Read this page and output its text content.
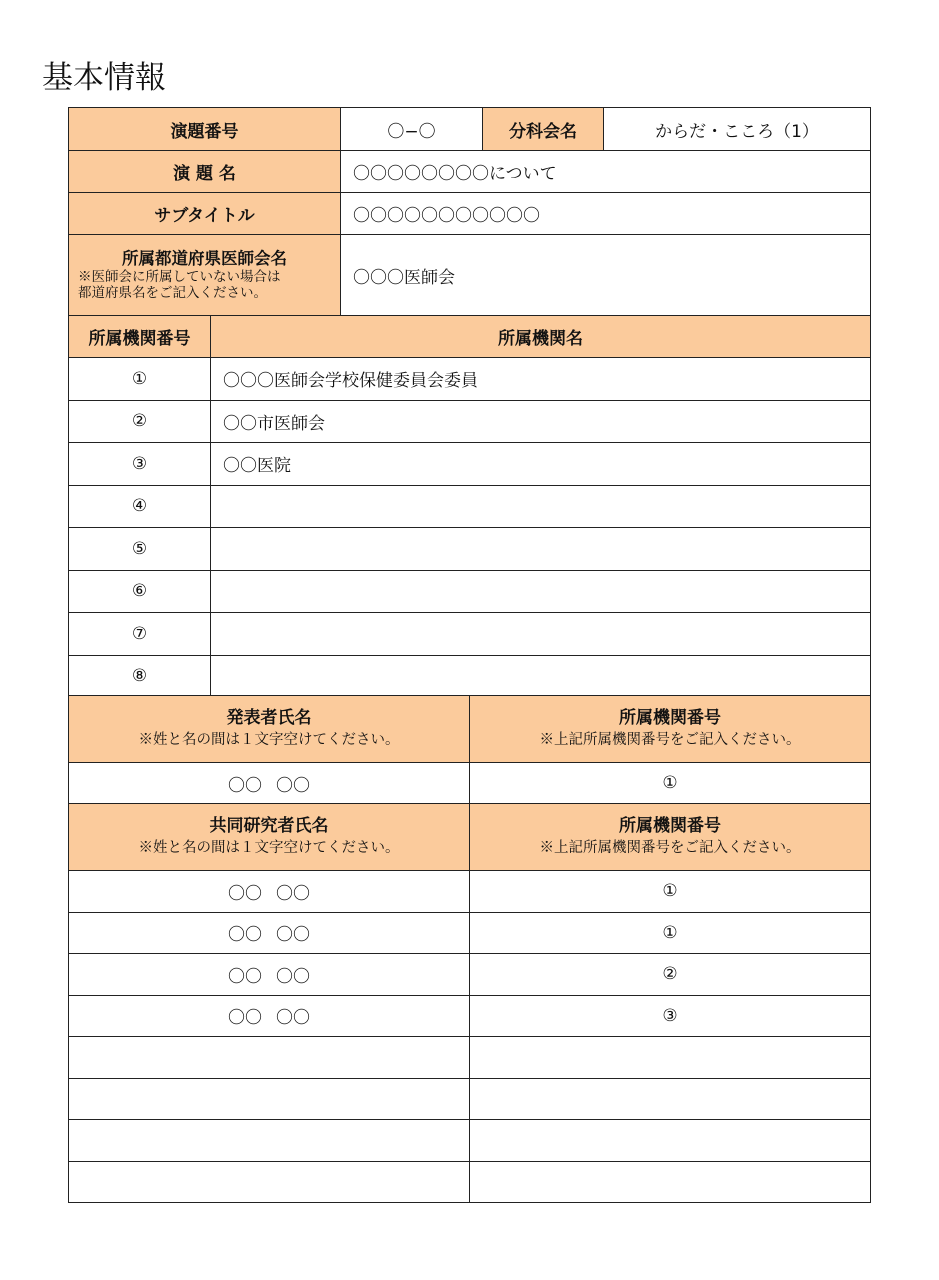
基本情報
演題番号	〇−〇	分科会名	からだ・こころ（1）
演 題 名	〇〇〇〇〇〇〇〇について		
サブタイトル	〇〇〇〇〇〇〇〇〇〇〇		

所属都道府県医師会名
※医師会に所属していない場合は
都道府県名をご記入ください。	〇〇〇医師会		
所属機関番号	所属機関名
①	〇〇〇医師会学校保健委員会委員
②	〇〇市医師会
③	〇〇医院
④	
⑤	
⑥	
⑦	
⑧	
発表者氏名
※姓と名の間は１文字空けてください。	所属機関番号
※上記所属機関番号をご記入ください。

〇〇 〇〇	①
共同研究者氏名
※姓と名の間は１文字空けてください。	所属機関番号
※上記所属機関番号をご記入ください。

〇〇 〇〇	①
〇〇 〇〇	①
〇〇 〇〇	②
〇〇 〇〇	③
